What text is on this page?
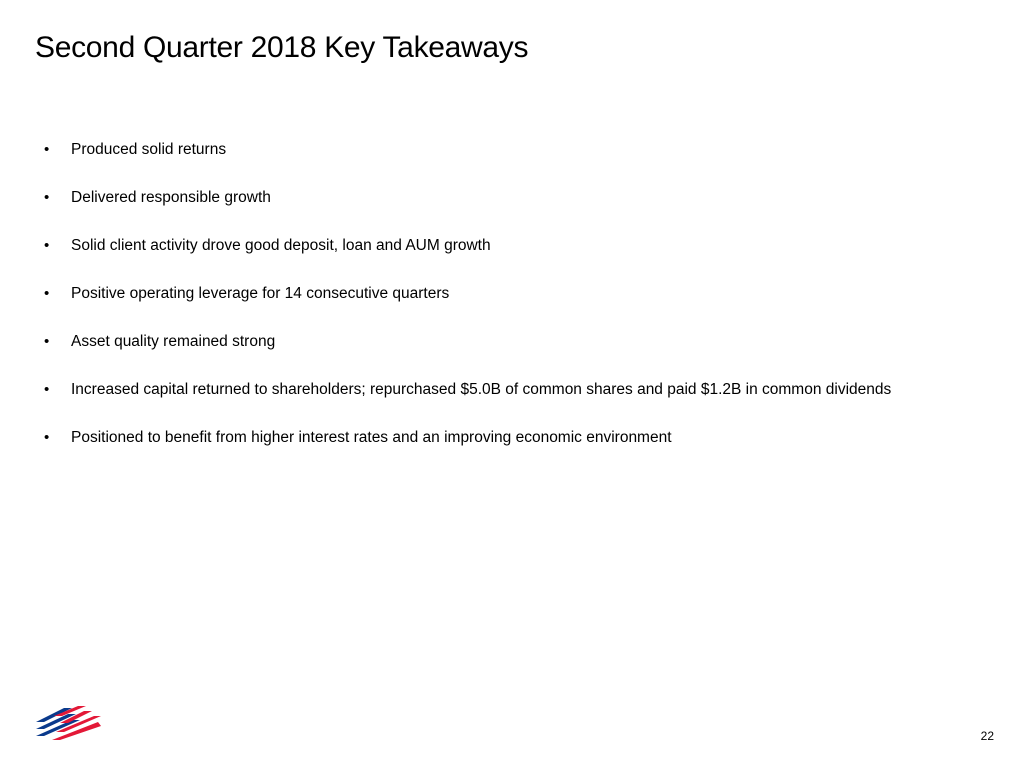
Second Quarter 2018 Key Takeaways
•	Produced solid returns
•	Delivered responsible growth
•	Solid client activity drove good deposit, loan and AUM growth
•	Positive operating leverage for 14 consecutive quarters
•	Asset quality remained strong
•	Increased capital returned to shareholders; repurchased $5.0B of common shares and paid $1.2B in common dividends
•	Positioned to benefit from higher interest rates and an improving economic environment
22
